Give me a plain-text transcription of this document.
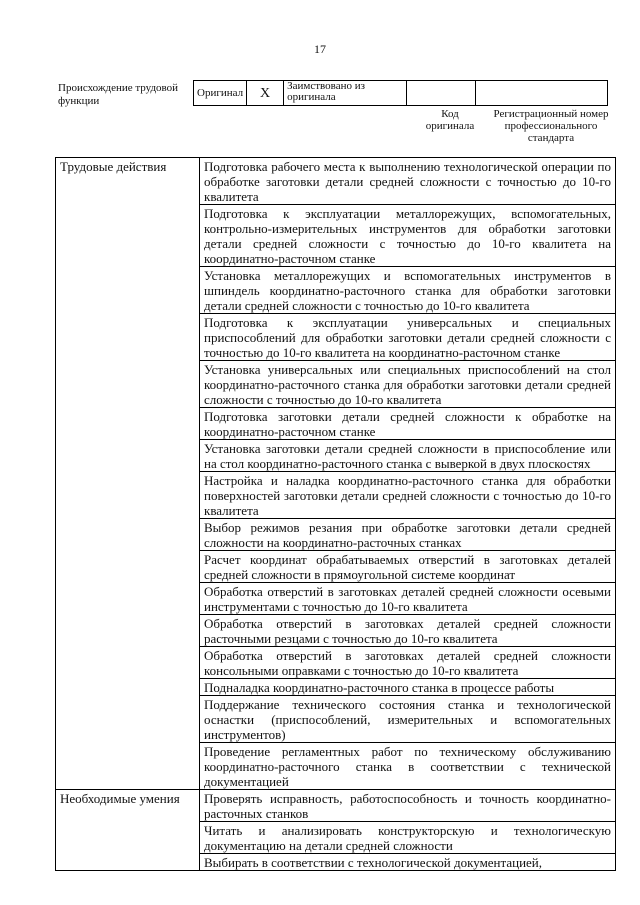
17
Происхождение трудовой функции
Оригинал	X	Заимствовано из оригинала		
Код оригинала
Регистрационный номер профессионального стандарта
Трудовые действия	Подготовка рабочего места к выполнению технологической операции по обработке заготовки детали средней сложности с точностью до 10-го квалитета
	Подготовка к эксплуатации металлорежущих, вспомогательных, контрольно-измерительных инструментов для обработки заготовки детали средней сложности с точностью до 10-го квалитета на координатно-расточном станке
	Установка металлорежущих и вспомогательных инструментов в шпиндель координатно-расточного станка для обработки заготовки детали средней сложности с точностью до 10-го квалитета
	Подготовка к эксплуатации универсальных и специальных приспособлений для обработки заготовки детали средней сложности с точностью до 10-го квалитета на координатно-расточном станке
	Установка универсальных или специальных приспособлений на стол координатно-расточного станка для обработки заготовки детали средней сложности с точностью до 10-го квалитета
	Подготовка заготовки детали средней сложности к обработке на координатно-расточном станке
	Установка заготовки детали средней сложности в приспособление или на стол координатно-расточного станка с выверкой в двух плоскостях
	Настройка и наладка координатно-расточного станка для обработки поверхностей заготовки детали средней сложности с точностью до 10-го квалитета
	Выбор режимов резания при обработке заготовки детали средней сложности на координатно-расточных станках
	Расчет координат обрабатываемых отверстий в заготовках деталей средней сложности в прямоугольной системе координат
	Обработка отверстий в заготовках деталей средней сложности осевыми инструментами с точностью до 10-го квалитета
	Обработка отверстий в заготовках деталей средней сложности расточными резцами с точностью до 10-го квалитета
	Обработка отверстий в заготовках деталей средней сложности консольными оправками с точностью до 10-го квалитета
	Подналадка координатно-расточного станка в процессе работы
	Поддержание технического состояния станка и технологической оснастки (приспособлений, измерительных и вспомогательных инструментов)
	Проведение регламентных работ по техническому обслуживанию координатно-расточного станка в соответствии с технической документацией
Необходимые умения	Проверять исправность, работоспособность и точность координатно-расточных станков
	Читать и анализировать конструкторскую и технологическую документацию на детали средней сложности
	Выбирать в соответствии с технологической документацией,
